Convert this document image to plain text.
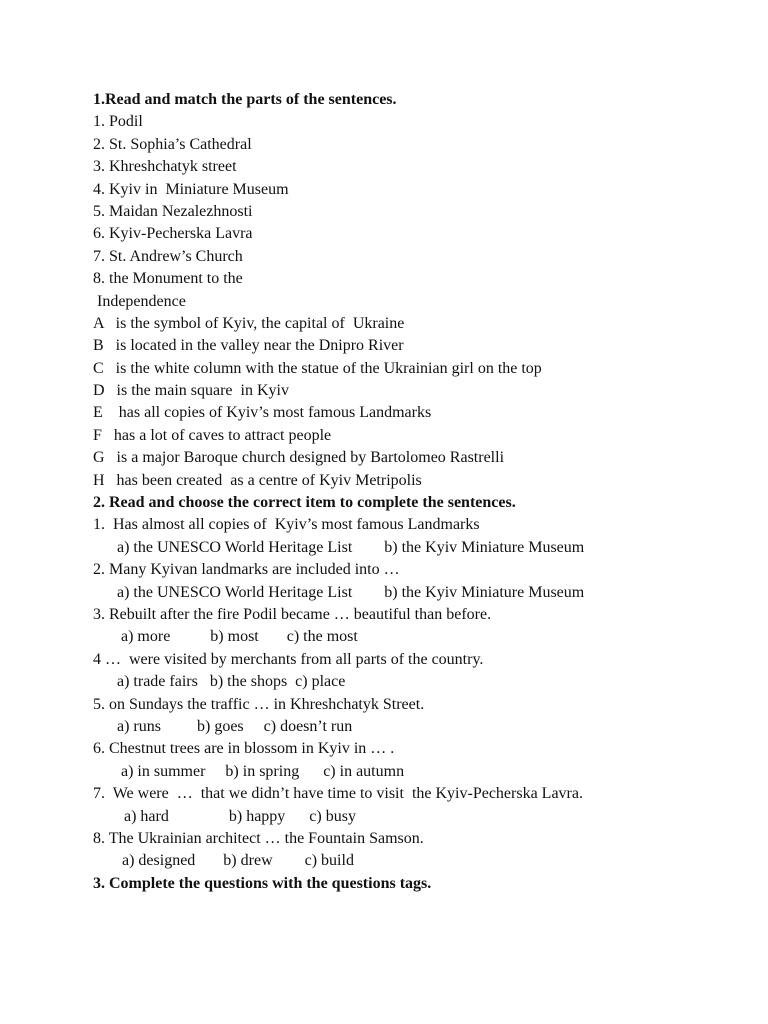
1.Read and match the parts of the sentences.
1. Podil
2. St. Sophia’s Cathedral
3. Khreshchatyk street
4. Kyiv in  Miniature Museum
5. Maidan Nezalezhnosti
6. Kyiv-Pecherska Lavra
7. St. Andrew’s Church
8. the Monument to the
Independence
A   is the symbol of Kyiv, the capital of  Ukraine
B   is located in the valley near the Dnipro River
C   is the white column with the statue of the Ukrainian girl on the top
D   is the main square  in Kyiv
E    has all copies of Kyiv’s most famous Landmarks
F   has a lot of caves to attract people
G   is a major Baroque church designed by Bartolomeo Rastrelli
H   has been created  as a centre of Kyiv Metripolis
2. Read and choose the correct item to complete the sentences.
1.  Has almost all copies of  Kyiv’s most famous Landmarks
a) the UNESCO World Heritage List        b) the Kyiv Miniature Museum
2. Many Kyivan landmarks are included into …
a) the UNESCO World Heritage List        b) the Kyiv Miniature Museum
3. Rebuilt after the fire Podil became … beautiful than before.
a) more          b) most       c) the most
4 …  were visited by merchants from all parts of the country.
a) trade fairs   b) the shops  c) place
5. on Sundays the traffic … in Khreshchatyk Street.
a) runs         b) goes     c) doesn’t run
6. Chestnut trees are in blossom in Kyiv in … .
a) in summer     b) in spring      c) in autumn
7.  We were  …  that we didn’t have time to visit  the Kyiv-Pecherska Lavra.
a) hard               b) happy      c) busy
8. The Ukrainian architect … the Fountain Samson.
a) designed       b) drew        c) build
3. Complete the questions with the questions tags.
